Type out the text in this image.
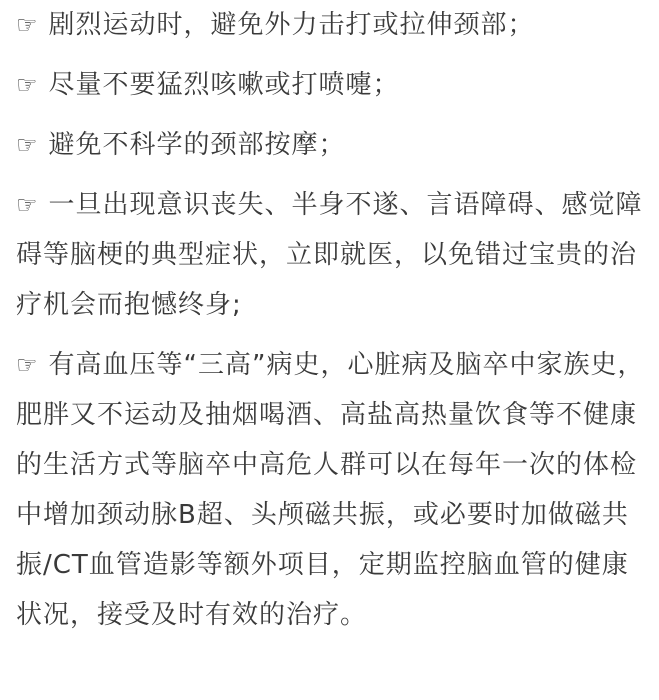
☞ 剧烈运动时，避免外力击打或拉伸颈部；

☞ 尽量不要猛烈咳嗽或打喷嚏；

☞ 避免不科学的颈部按摩；

☞ 一旦出现意识丧失、半身不遂、言语障碍、感觉障碍等脑梗的典型症状，立即就医，以免错过宝贵的治疗机会而抱憾终身;

☞ 有高血压等“三高”病史，心脏病及脑卒中家族史，肥胖又不运动及抽烟喝酒、高盐高热量饮食等不健康的生活方式等脑卒中高危人群可以在每年一次的体检中增加颈动脉B超、头颅磁共振，或必要时加做磁共振/CT血管造影等额外项目，定期监控脑血管的健康状况，接受及时有效的治疗。
